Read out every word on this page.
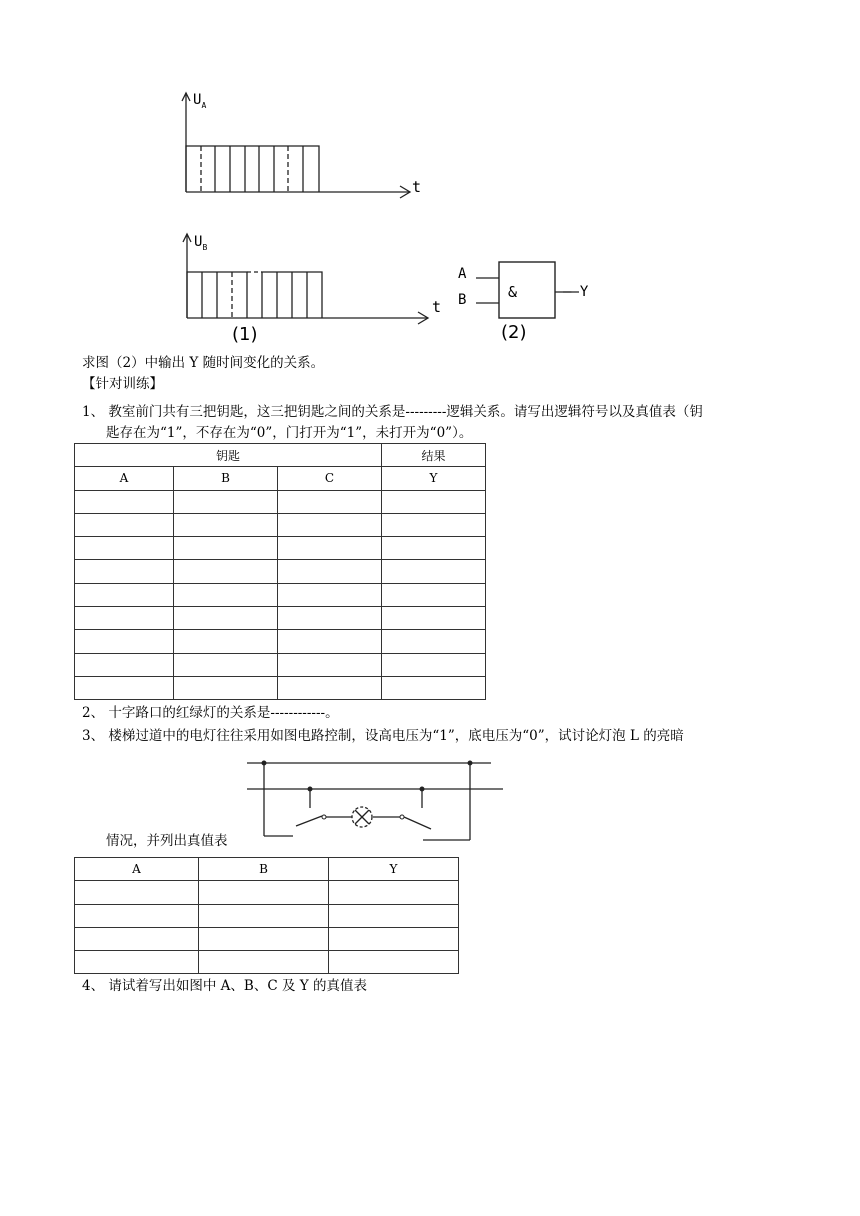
$U_A$
t
$U_B$
t
(1)
A
B	&	— Y
(2)
求图（2）中输出 Y 随时间变化的关系。
【针对训练】
1、 教室前门共有三把钥匙，这三把钥匙之间的关系是---------逻辑关系。请写出逻辑符号以及真值表（钥
匙存在为“1”，不存在为“0”，门打开为“1”，未打开为“0”）。
钥匙			结果
A	B	C	Y

2、 十字路口的红绿灯的关系是------------。
3、 楼梯过道中的电灯往往采用如图电路控制，设高电压为“1”，底电压为“0”，试讨论灯泡 L 的亮暗
情况，并列出真值表
A	B	Y

4、 请试着写出如图中 A、B、C 及 Y 的真值表
